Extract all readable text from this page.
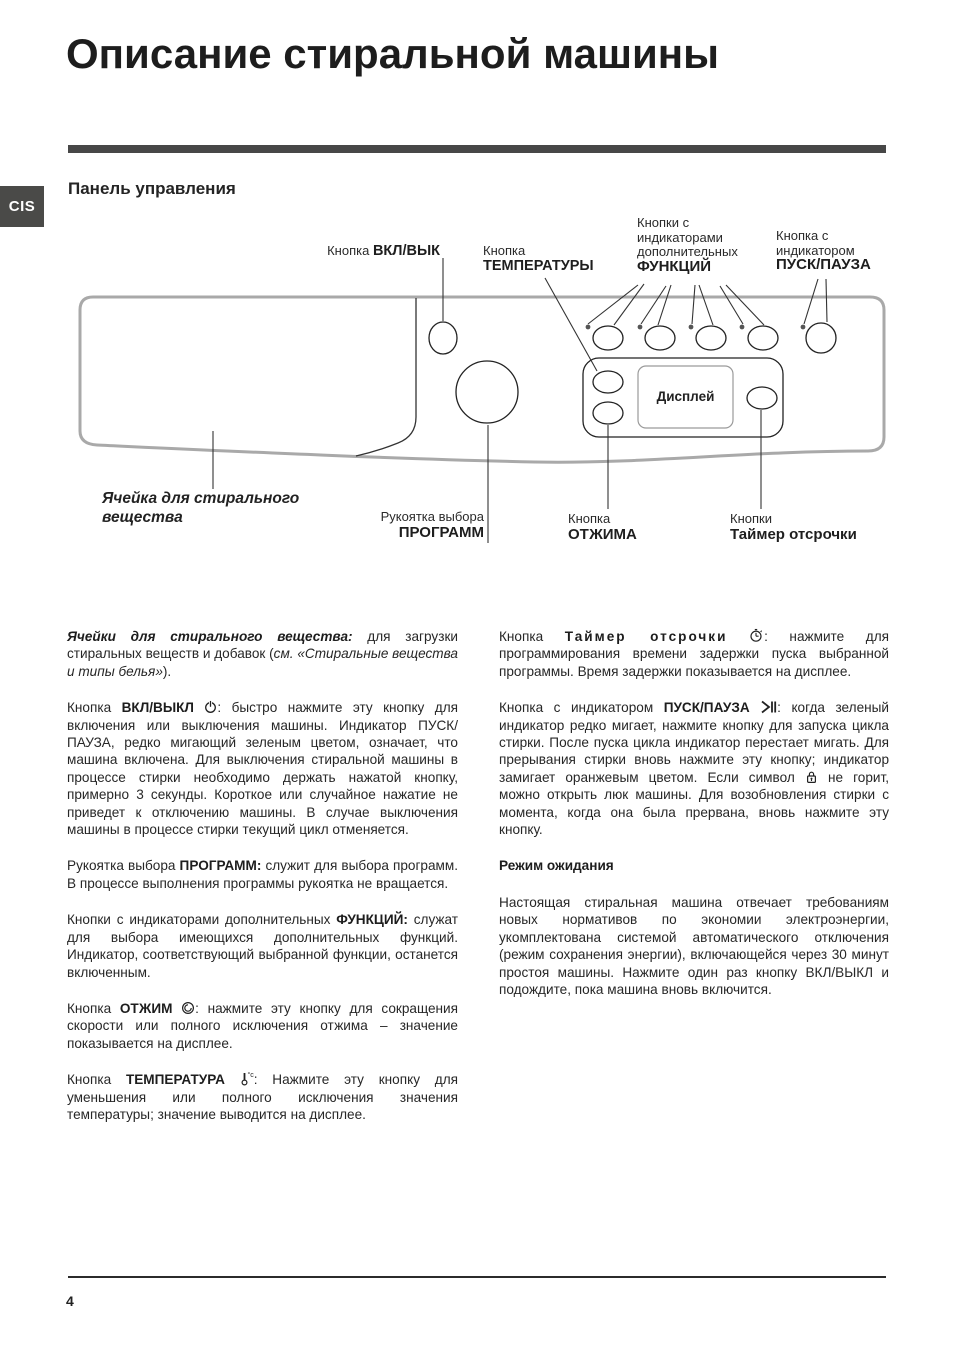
Описание стиральной машины
CIS
Панель управления
Кнопка ВКЛ/ВЫК	Кнопка
ТЕМПЕРАТУРЫ
Кнопки с
индикаторами
дополнительных
ФУНКЦИЙ
Кнопка с
индикатором
ПУСК/ПАУЗА
Ячейка для стирального
вещества	Рукоятка выбора
ПРОГРАММ
Кнопка
ОТЖИМА
Кнопки
Таймер отсрочки
Дисплей

Ячейки для стирального вещества: для загрузки стиральных веществ и добавок (см. «Стиральные вещества и типы белья»).

Кнопка ВКЛ/ВЫКЛ : быстро нажмите эту кнопку для включения или выключения машины. Индикатор ПУСК/ПАУЗА, редко мигающий зеленым цветом, означает, что машина включена. Для выключения стиральной машины в процессе стирки необходимо держать нажатой кнопку, примерно 3 секунды. Короткое или случайное нажатие не приведет к отключению машины. В случае выключения машины в процессе стирки текущий цикл отменяется.

Рукоятка выбора ПРОГРАММ: служит для выбора программ. В процессе выполнения программы рукоятка не вращается.

Кнопки с индикаторами дополнительных ФУНКЦИЙ: служат для выбора имеющихся дополнительных функций. Индикатор, соответствующий выбранной функции, останется включенным.

Кнопка ОТЖИМ : нажмите эту кнопку для сокращения скорости или полного исключения отжима – значение показывается на дисплее.

Кнопка ТЕМПЕРАТУРА	°c : Нажмите эту кнопку для уменьшения или полного исключения значения температуры; значение выводится на дисплее.

Кнопка Таймер отсрочки	: нажмите для программирования времени задержки пуска выбранной программы. Время задержки показывается на дисплее.

Кнопка с индикатором ПУСК/ПАУЗА : когда зеленый индикатор редко мигает, нажмите кнопку для запуска цикла стирки. После пуска цикла индикатор перестает мигать. Для прерывания стирки вновь нажмите эту кнопку; индикатор замигает оранжевым цветом. Если символ  не горит, можно открыть люк машины. Для возобновления стирки с момента, когда она была прервана, вновь нажмите эту кнопку.

Режим ожидания

Настоящая стиральная машина отвечает требованиям новых нормативов по экономии электроэнергии, укомплектована системой автоматического отключения (режим сохранения энергии), включающейся через 30 минут простоя машины. Нажмите один раз кнопку ВКЛ/ВЫКЛ и подождите, пока машина вновь включится.

4
